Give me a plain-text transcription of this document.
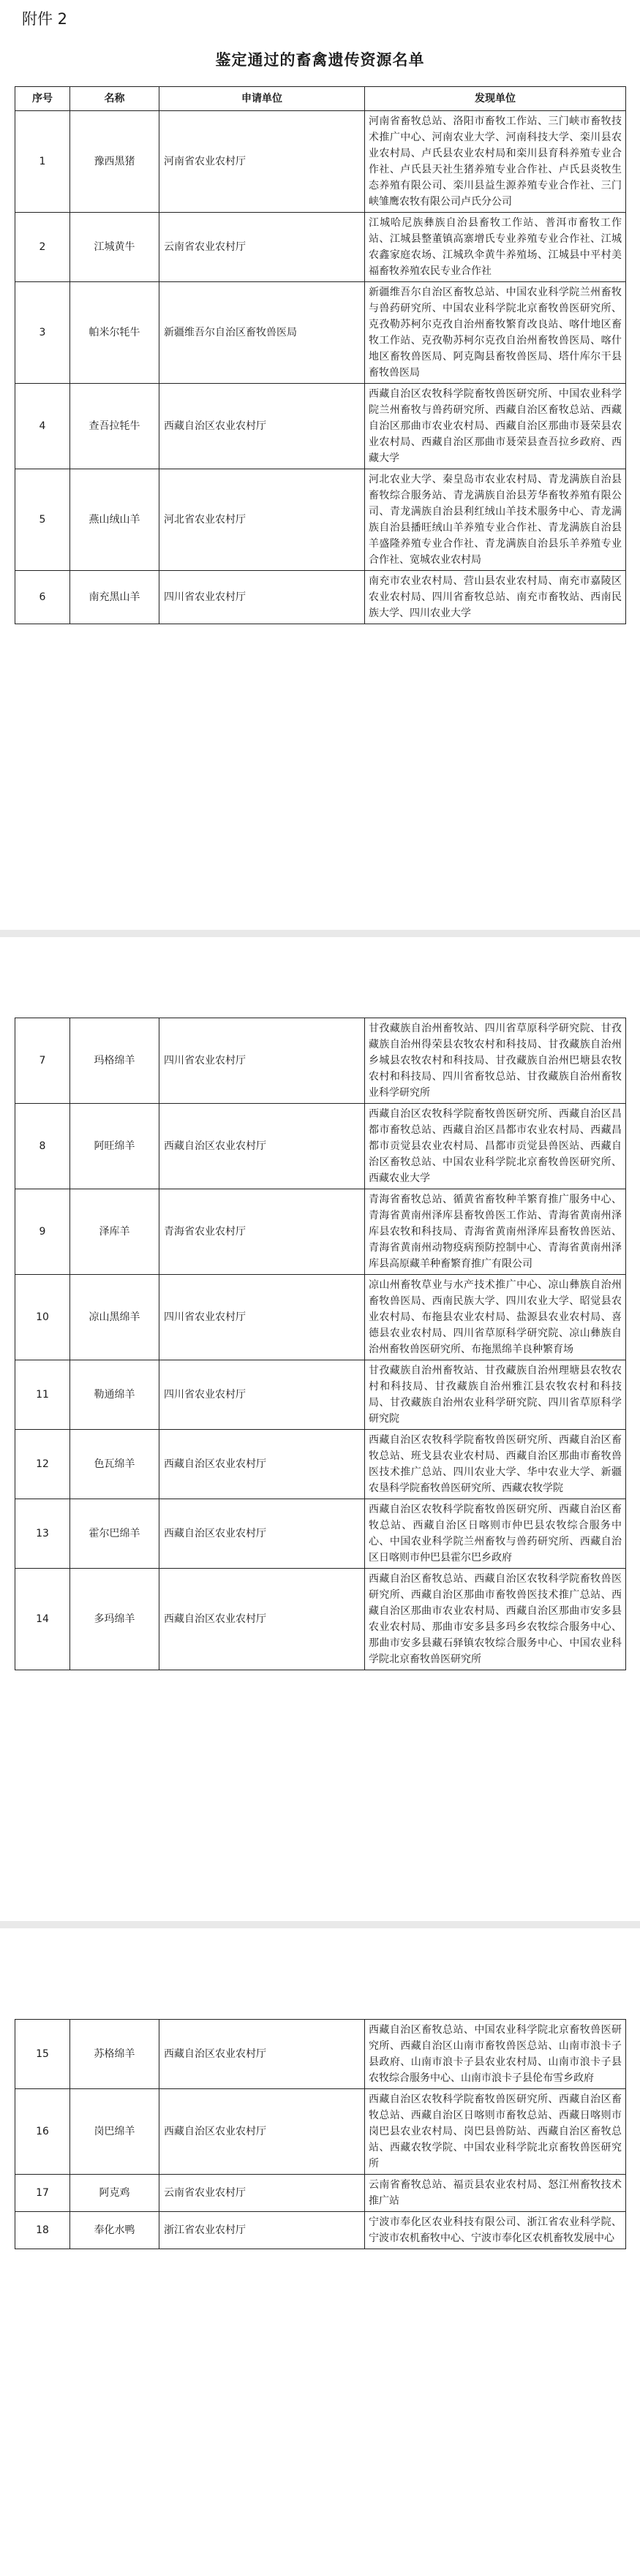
附件 2
鉴定通过的畜禽遗传资源名单
序号	名称	申请单位	发现单位
1	豫西黑猪	河南省农业农村厅	河南省畜牧总站、洛阳市畜牧工作站、三门峡市畜牧技术推广中心、河南农业大学、河南科技大学、栾川县农业农村局、卢氏县农业农村局和栾川县育科养殖专业合作社、卢氏县天社生猪养殖专业合作社、卢氏县炎牧生态养殖有限公司、栾川县益生源养殖专业合作社、三门峡雏鹰农牧有限公司卢氏分公司
2	江城黄牛	云南省农业农村厅	江城哈尼族彝族自治县畜牧工作站、普洱市畜牧工作站、江城县整董镇高寨增氏专业养殖专业合作社、江城农鑫家庭农场、江城玖伞黄牛养殖场、江城县中平村美福畜牧养殖农民专业合作社
3	帕米尔牦牛	新疆维吾尔自治区畜牧兽医局	新疆维吾尔自治区畜牧总站、中国农业科学院兰州畜牧与兽药研究所、中国农业科学院北京畜牧兽医研究所、克孜勒苏柯尔克孜自治州畜牧繁育改良站、喀什地区畜牧工作站、克孜勒苏柯尔克孜自治州畜牧兽医局、喀什地区畜牧兽医局、阿克陶县畜牧兽医局、塔什库尔干县畜牧兽医局
4	查吾拉牦牛	西藏自治区农业农村厅	西藏自治区农牧科学院畜牧兽医研究所、中国农业科学院兰州畜牧与兽药研究所、西藏自治区畜牧总站、西藏自治区那曲市农业农村局、西藏自治区那曲市聂荣县农业农村局、西藏自治区那曲市聂荣县查吾拉乡政府、西藏大学
5	燕山绒山羊	河北省农业农村厅	河北农业大学、秦皇岛市农业农村局、青龙满族自治县畜牧综合服务站、青龙满族自治县芳华畜牧养殖有限公司、青龙满族自治县利红绒山羊技术服务中心、青龙满族自治县播旺绒山羊养殖专业合作社、青龙满族自治县羊盛隆养殖专业合作社、青龙满族自治县乐羊养殖专业合作社、宽城农业农村局
6	南充黑山羊	四川省农业农村厅	南充市农业农村局、营山县农业农村局、南充市嘉陵区农业农村局、四川省畜牧总站、南充市畜牧站、西南民族大学、四川农业大学
7	玛格绵羊	四川省农业农村厅	甘孜藏族自治州畜牧站、四川省草原科学研究院、甘孜藏族自治州得荣县农牧农村和科技局、甘孜藏族自治州乡城县农牧农村和科技局、甘孜藏族自治州巴塘县农牧农村和科技局、四川省畜牧总站、甘孜藏族自治州畜牧业科学研究所
8	阿旺绵羊	西藏自治区农业农村厅	西藏自治区农牧科学院畜牧兽医研究所、西藏自治区昌都市畜牧总站、西藏自治区昌都市农业农村局、西藏昌都市贡觉县农业农村局、昌都市贡觉县兽医站、西藏自治区畜牧总站、中国农业科学院北京畜牧兽医研究所、西藏农业大学
9	泽库羊	青海省农业农村厅	青海省畜牧总站、循黄省畜牧种羊繁育推广服务中心、青海省黄南州泽库县畜牧兽医工作站、青海省黄南州泽库县农牧和科技局、青海省黄南州泽库县畜牧兽医站、青海省黄南州动物疫病预防控制中心、青海省黄南州泽库县高原藏羊种畜繁育推广有限公司
10	凉山黑绵羊	四川省农业农村厅	凉山州畜牧草业与水产技术推广中心、凉山彝族自治州畜牧兽医局、西南民族大学、四川农业大学、昭觉县农业农村局、布拖县农业农村局、盐源县农业农村局、喜德县农业农村局、四川省草原科学研究院、凉山彝族自治州畜牧兽医研究所、布拖黑绵羊良种繁育场
11	勒通绵羊	四川省农业农村厅	甘孜藏族自治州畜牧站、甘孜藏族自治州理塘县农牧农村和科技局、甘孜藏族自治州雅江县农牧农村和科技局、甘孜藏族自治州农业科学研究院、四川省草原科学研究院
12	色瓦绵羊	西藏自治区农业农村厅	西藏自治区农牧科学院畜牧兽医研究所、西藏自治区畜牧总站、班戈县农业农村局、西藏自治区那曲市畜牧兽医技术推广总站、四川农业大学、华中农业大学、新疆农垦科学院畜牧兽医研究所、西藏农牧学院
13	霍尔巴绵羊	西藏自治区农业农村厅	西藏自治区农牧科学院畜牧兽医研究所、西藏自治区畜牧总站、西藏自治区日喀则市仲巴县农牧综合服务中心、中国农业科学院兰州畜牧与兽药研究所、西藏自治区日喀则市仲巴县霍尔巴乡政府
14	多玛绵羊	西藏自治区农业农村厅	西藏自治区畜牧总站、西藏自治区农牧科学院畜牧兽医研究所、西藏自治区那曲市畜牧兽医技术推广总站、西藏自治区那曲市农业农村局、西藏自治区那曲市安多县农业农村局、那曲市安多县多玛乡农牧综合服务中心、那曲市安多县藏石驿镇农牧综合服务中心、中国农业科学院北京畜牧兽医研究所
15	苏格绵羊	西藏自治区农业农村厅	西藏自治区畜牧总站、中国农业科学院北京畜牧兽医研究所、西藏自治区山南市畜牧兽医总站、山南市浪卡子县政府、山南市浪卡子县农业农村局、山南市浪卡子县农牧综合服务中心、山南市浪卡子县伦布雪乡政府
16	岗巴绵羊	西藏自治区农业农村厅	西藏自治区农牧科学院畜牧兽医研究所、西藏自治区畜牧总站、西藏自治区日喀则市畜牧总站、西藏日喀则市岗巴县农业农村局、岗巴县兽防站、西藏自治区畜牧总站、西藏农牧学院、中国农业科学院北京畜牧兽医研究所
17	阿克鸡	云南省农业农村厅	云南省畜牧总站、福贡县农业农村局、怒江州畜牧技术推广站
18	奉化水鸭	浙江省农业农村厅	宁波市奉化区农业科技有限公司、浙江省农业科学院、宁波市农机畜牧中心、宁波市奉化区农机畜牧发展中心
